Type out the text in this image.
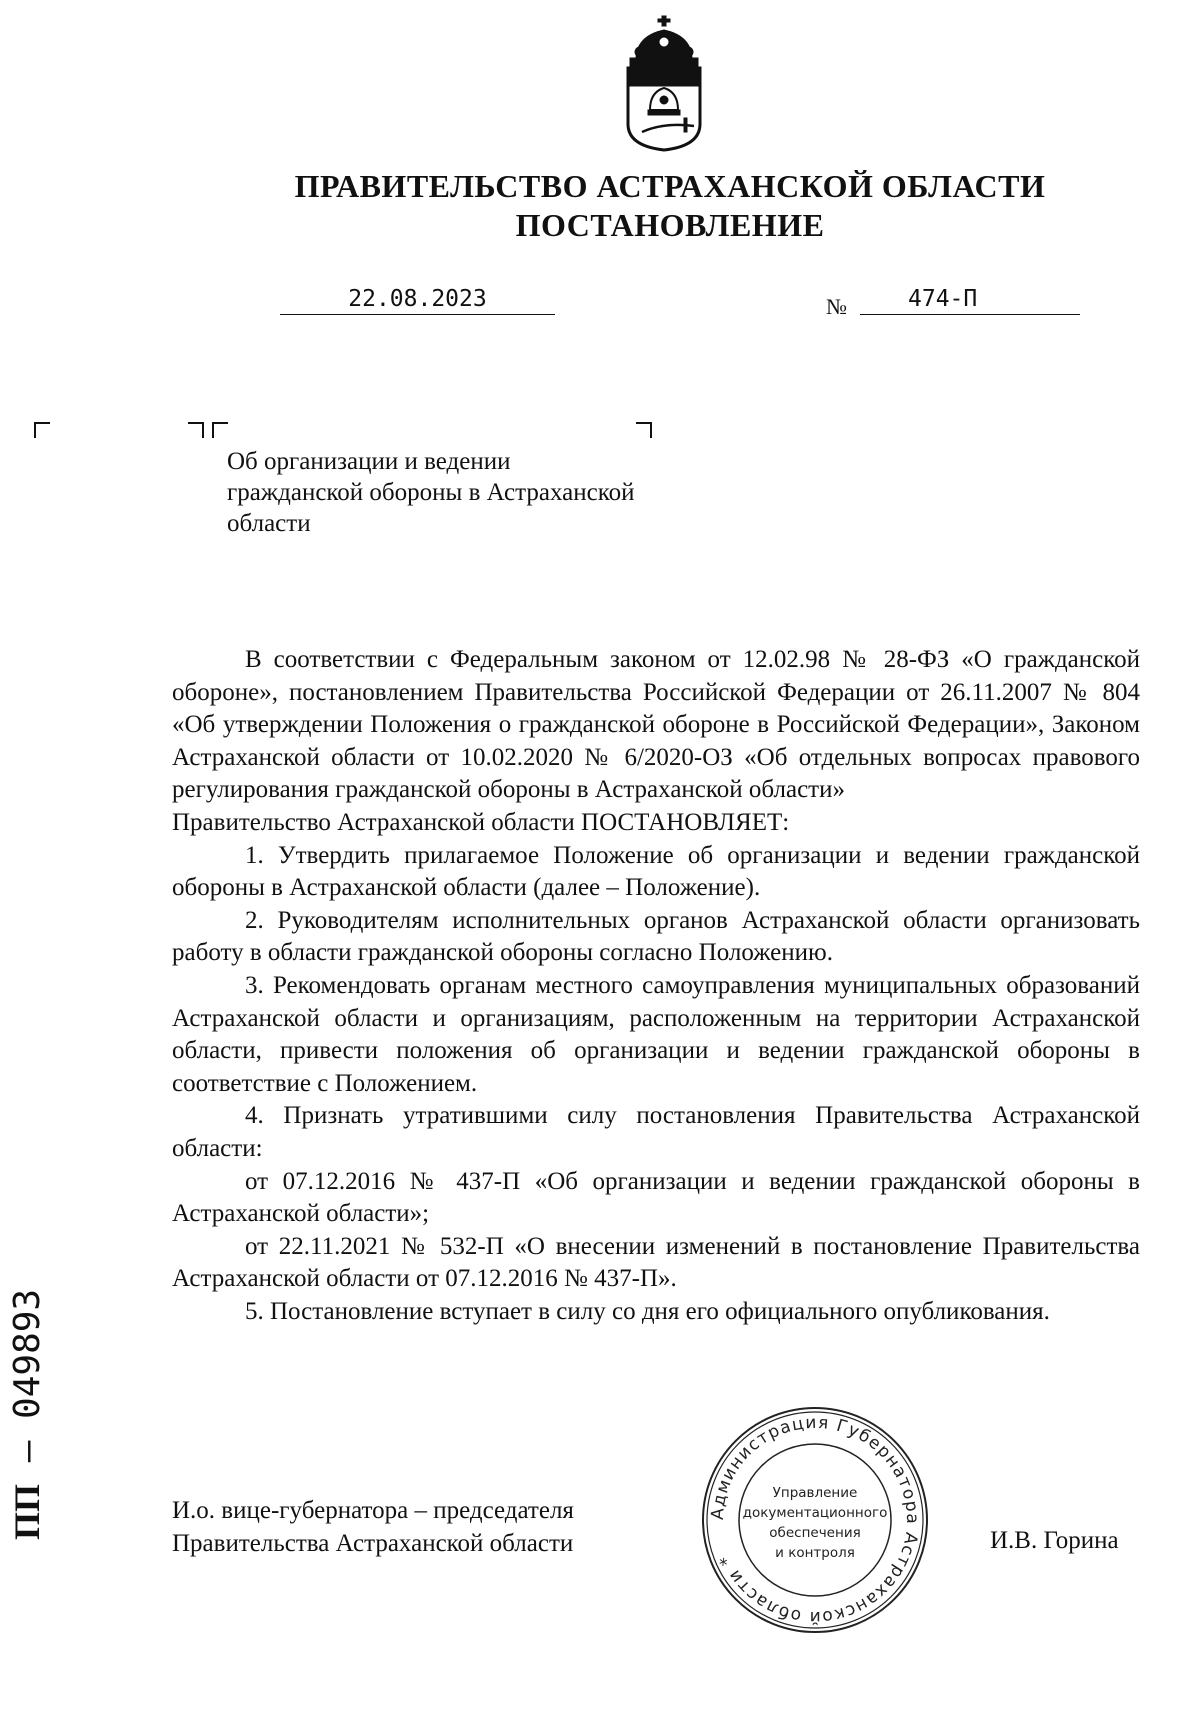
ПРАВИТЕЛЬСТВО АСТРАХАНСКОЙ ОБЛАСТИ
ПОСТАНОВЛЕНИЕ
22.08.2023	№	474-П
Об организации и ведении гражданской обороны в Астраханской области

В соответствии с Федеральным законом от 12.02.98 № 28-ФЗ «О гражданской обороне», постановлением Правительства Российской Федерации от 26.11.2007 № 804 «Об утверждении Положения о гражданской обороне в Российской Федерации», Законом Астраханской области от 10.02.2020 № 6/2020-ОЗ «Об отдельных вопросах правового регулирования гражданской обороны в Астраханской области»

Правительство Астраханской области ПОСТАНОВЛЯЕТ:

1. Утвердить прилагаемое Положение об организации и ведении гражданской обороны в Астраханской области (далее – Положение).

2. Руководителям исполнительных органов Астраханской области организовать работу в области гражданской обороны согласно Положению.

3. Рекомендовать органам местного самоуправления муниципальных образований Астраханской области и организациям, расположенным на территории Астраханской области, привести положения об организации и ведении гражданской обороны в соответствие с Положением.

4. Признать утратившими силу постановления Правительства Астраханской области:

от 07.12.2016 № 437-П «Об организации и ведении гражданской обороны в Астраханской области»;

от 22.11.2021 № 532-П «О внесении изменений в постановление Правительства Астраханской области от 07.12.2016 № 437-П».

5. Постановление вступает в силу со дня его официального опубликования.

И.о. вице-губернатора – председателя
Правительства Астраханской области	И.В. Горина
Администрация Губернатора Астраханской области *
Управление
документационного
обеспечения
и контроля
ПП – 049893
